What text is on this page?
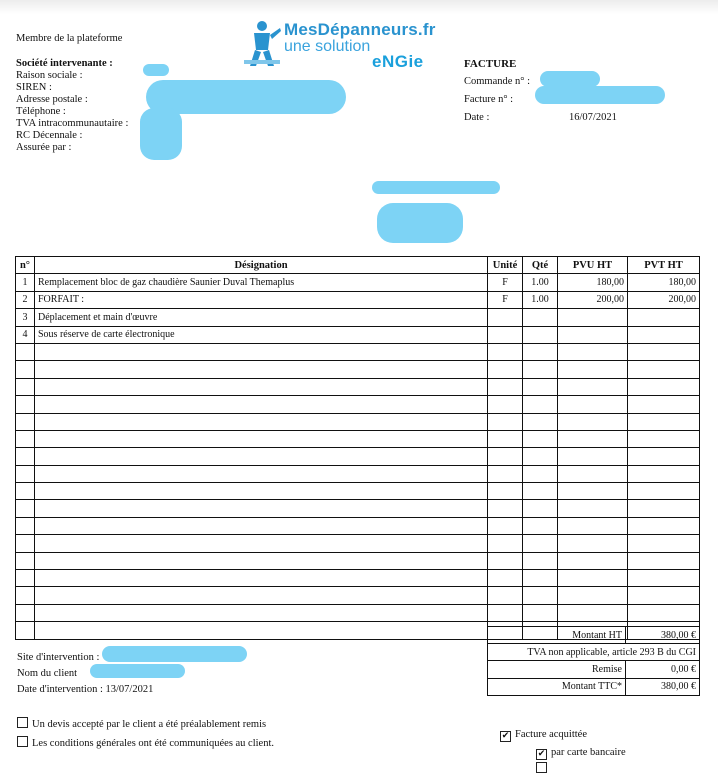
Membre de la plateforme	MesDépanneurs.fr
une solution
eNGie
Société intervenante :
Raison sociale :
SIREN :
Adresse postale :
Téléphone :
TVA intracommunautaire :
RC Décennale :
Assurée par :
FACTURE
Commande n° :
Facture n° :
Date :	16/07/2021
n°	Désignation	Unité	Qté	PVU HT	PVT HT
1	Remplacement bloc de gaz chaudière Saunier Duval Themaplus	F	1.00	180,00	180,00
2	FORFAIT :	F	1.00	200,00	200,00
3	Déplacement et main d'œuvre				
4	Sous réserve de carte électronique				

Montant HT	380,00 €
TVA non applicable, article 293 B du CGI	
Remise	0,00 €
Montant TTC*	380,00 €
Site d'intervention :
Nom du client
Date d'intervention : 13/07/2021
Un devis accepté par le client a été préalablement remis
Les conditions générales ont été communiquées au client.
✔ Facture acquittée
✔ par carte bancaire
